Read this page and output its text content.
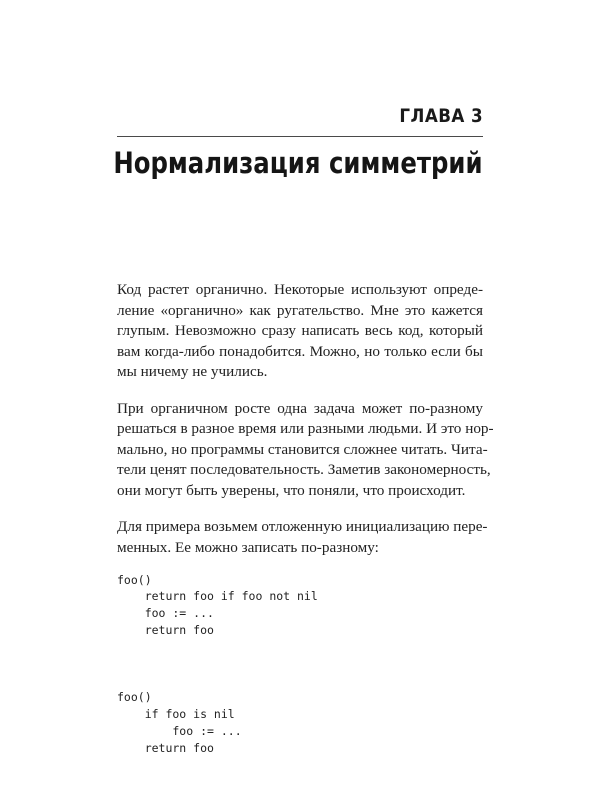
ГЛАВА 3
Нормализация симметрий
Код растет органично. Некоторые используют опреде-
ление «органично» как ругательство. Мне это кажется
глупым. Невозможно сразу написать весь код, который
вам когда-либо понадобится. Можно, но только если бы
мы ничему не учились.
При органичном росте одна задача может по-разному
решаться в разное время или разными людьми. И это нор-
мально, но программы становится сложнее читать. Чита-
тели ценят последовательность. Заметив закономерность,
они могут быть уверены, что поняли, что происходит.
Для примера возьмем отложенную инициализацию пере-
менных. Ее можно записать по-разному:

foo()
return foo if foo not nil
foo := ...
return foo

foo()
if foo is nil
foo := ...
return foo
